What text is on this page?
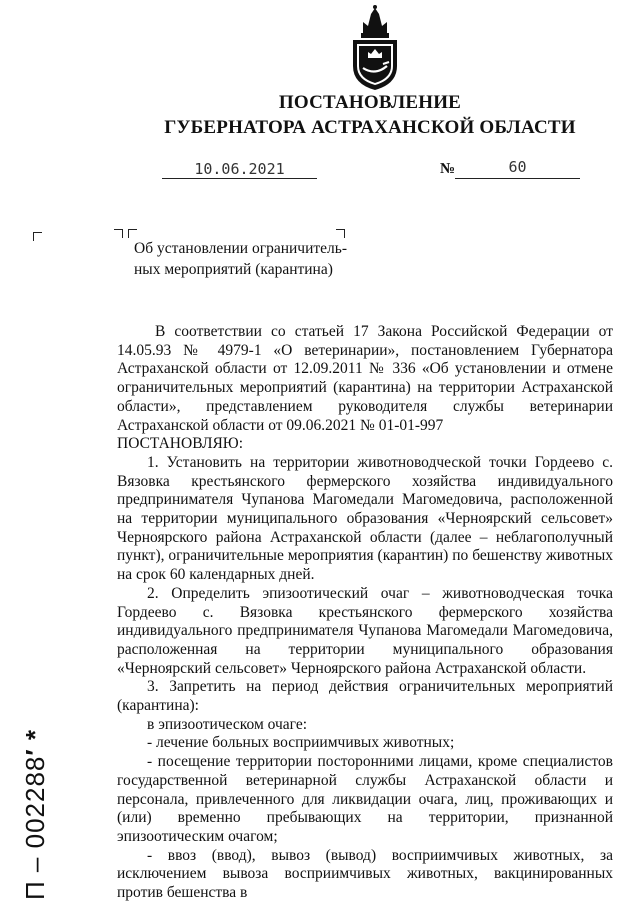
ПОСТАНОВЛЕНИЕ
ГУБЕРНАТОРА АСТРАХАНСКОЙ ОБЛАСТИ
10.06.2021	№	60
Об установлении ограничитель-
ных мероприятий (карантина)

В соответствии со статьей 17 Закона Российской Федерации от 14.05.93 № 4979-1 «О ветеринарии», постановлением Губернатора Астраханской области от 12.09.2011 № 336 «Об установлении и отмене ограничительных мероприятий (карантина) на территории Астраханской области», представлением руководителя службы ветеринарии Астраханской области от 09.06.2021 № 01-01-997

ПОСТАНОВЛЯЮ:

1. Установить на территории животноводческой точки Гордеево с. Вязовка крестьянского фермерского хозяйства индивидуального предпринимателя Чупанова Магомедали Магомедовича, расположенной на территории муниципального образования «Черноярский сельсовет» Черноярского района Астраханской области (далее – неблагополучный пункт), ограничительные мероприятия (карантин) по бешенству животных на срок 60 календарных дней.

2. Определить эпизоотический очаг – животноводческая точка Гордеево с. Вязовка крестьянского фермерского хозяйства индивидуального предпринимателя Чупанова Магомедали Магомедовича, расположенная на территории муниципального образования «Черноярский сельсовет» Черноярского района Астраханской области.

3. Запретить на период действия ограничительных мероприятий (карантина):

в эпизоотическом очаге:

- лечение больных восприимчивых животных;

- посещение территории посторонними лицами, кроме специалистов государственной ветеринарной службы Астраханской области и персонала, привлеченного для ликвидации очага, лиц, проживающих и (или) временно пребывающих на территории, признанной эпизоотическим очагом;

- ввоз (ввод), вывоз (вывод) восприимчивых животных, за исключением вывоза восприимчивых животных, вакцинированных против бешенства в

П – 002288′ *
